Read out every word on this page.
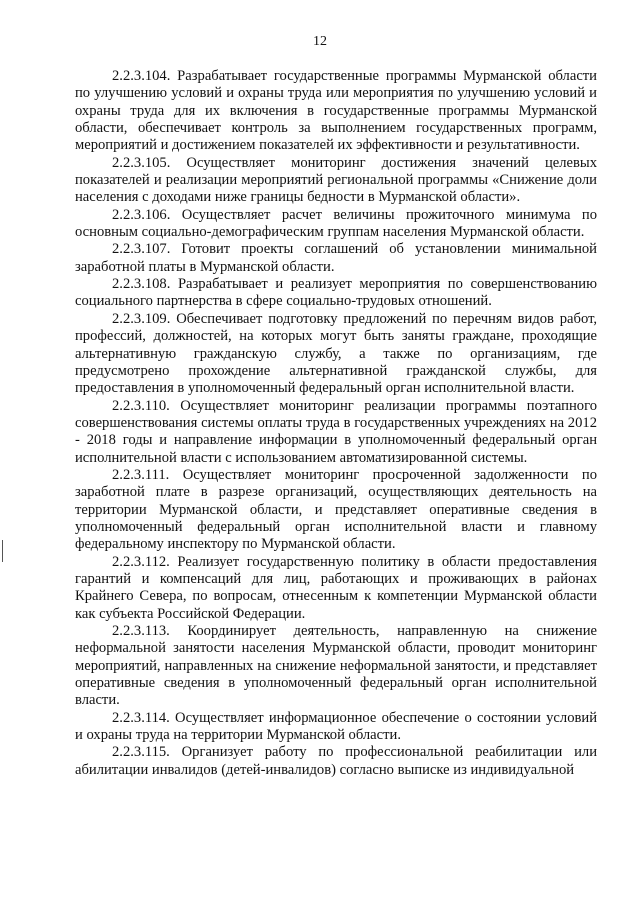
12

2.2.3.104. Разрабатывает государственные программы Мурманской области по улучшению условий и охраны труда или мероприятия по улучшению условий и охраны труда для их включения в государственные программы Мурманской области, обеспечивает контроль за выполнением государственных программ, мероприятий и достижением показателей их эффективности и результативности.

2.2.3.105. Осуществляет мониторинг достижения значений целевых показателей и реализации мероприятий региональной программы «Снижение доли населения с доходами ниже границы бедности в Мурманской области».

2.2.3.106. Осуществляет расчет величины прожиточного минимума по основным социально-демографическим группам населения Мурманской области.

2.2.3.107. Готовит проекты соглашений об установлении минимальной заработной платы в Мурманской области.

2.2.3.108. Разрабатывает и реализует мероприятия по совершенствованию социального партнерства в сфере социально-трудовых отношений.

2.2.3.109. Обеспечивает подготовку предложений по перечням видов работ, профессий, должностей, на которых могут быть заняты граждане, проходящие альтернативную гражданскую службу, а также по организациям, где предусмотрено прохождение альтернативной гражданской службы, для предоставления в уполномоченный федеральный орган исполнительной власти.

2.2.3.110. Осуществляет мониторинг реализации программы поэтапного совершенствования системы оплаты труда в государственных учреждениях на 2012 - 2018 годы и направление информации в уполномоченный федеральный орган исполнительной власти с использованием автоматизированной системы.

2.2.3.111. Осуществляет мониторинг просроченной задолженности по заработной плате в разрезе организаций, осуществляющих деятельность на территории Мурманской области, и представляет оперативные сведения в уполномоченный федеральный орган исполнительной власти и главному федеральному инспектору по Мурманской области.

2.2.3.112. Реализует государственную политику в области предоставления гарантий и компенсаций для лиц, работающих и проживающих в районах Крайнего Севера, по вопросам, отнесенным к компетенции Мурманской области как субъекта Российской Федерации.

2.2.3.113. Координирует деятельность, направленную на снижение неформальной занятости населения Мурманской области, проводит мониторинг мероприятий, направленных на снижение неформальной занятости, и представляет оперативные сведения в уполномоченный федеральный орган исполнительной власти.

2.2.3.114. Осуществляет информационное обеспечение о состоянии условий и охраны труда на территории Мурманской области.

2.2.3.115. Организует работу по профессиональной реабилитации или абилитации инвалидов (детей-инвалидов) согласно выписке из индивидуальной
